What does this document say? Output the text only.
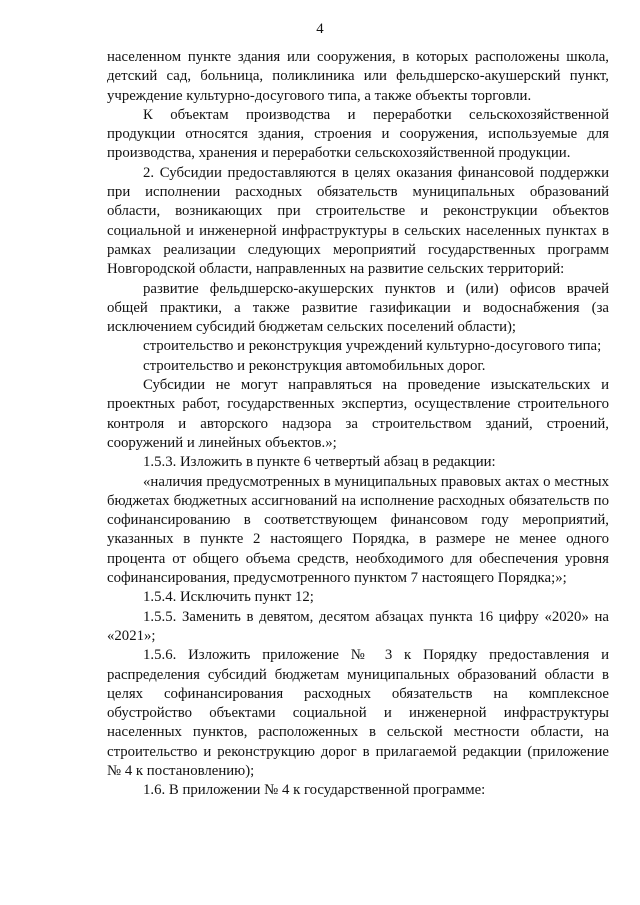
4

населенном пункте здания или сооружения, в которых расположены школа, детский сад, больница, поликлиника или фельдшерско-акушерский пункт, учреждение культурно-досугового типа, а также объекты торговли.

К объектам производства и переработки сельскохозяйственной продукции относятся здания, строения и сооружения, используемые для производства, хранения и переработки сельскохозяйственной продукции.

2. Субсидии предоставляются в целях оказания финансовой поддержки при исполнении расходных обязательств муниципальных образований области, возникающих при строительстве и реконструкции объектов социальной и инженерной инфраструктуры в сельских населенных пунктах в рамках реализации следующих мероприятий государственных программ Новгородской области, направленных на развитие сельских территорий:

развитие фельдшерско-акушерских пунктов и (или) офисов врачей общей практики, а также развитие газификации и водоснабжения (за исключением субсидий бюджетам сельских поселений области);

строительство и реконструкция учреждений культурно-досугового типа;

строительство и реконструкция автомобильных дорог.

Субсидии не могут направляться на проведение изыскательских и проектных работ, государственных экспертиз, осуществление строительного контроля и авторского надзора за строительством зданий, строений, сооружений и линейных объектов.»;

1.5.3. Изложить в пункте 6 четвертый абзац в редакции:

«наличия предусмотренных в муниципальных правовых актах о местных бюджетах бюджетных ассигнований на исполнение расходных обязательств по софинансированию в соответствующем финансовом году мероприятий, указанных в пункте 2 настоящего Порядка, в размере не менее одного процента от общего объема средств, необходимого для обеспечения уровня софинансирования, предусмотренного пунктом 7 настоящего Порядка;»;

1.5.4. Исключить пункт 12;

1.5.5. Заменить в девятом, десятом абзацах пункта 16 цифру «2020» на «2021»;

1.5.6. Изложить приложение № 3 к Порядку предоставления и распределения субсидий бюджетам муниципальных образований области в целях софинансирования расходных обязательств на комплексное обустройство объектами социальной и инженерной инфраструктуры населенных пунктов, расположенных в сельской местности области, на строительство и реконструкцию дорог в прилагаемой редакции (приложение № 4 к постановлению);

1.6. В приложении № 4 к государственной программе:
